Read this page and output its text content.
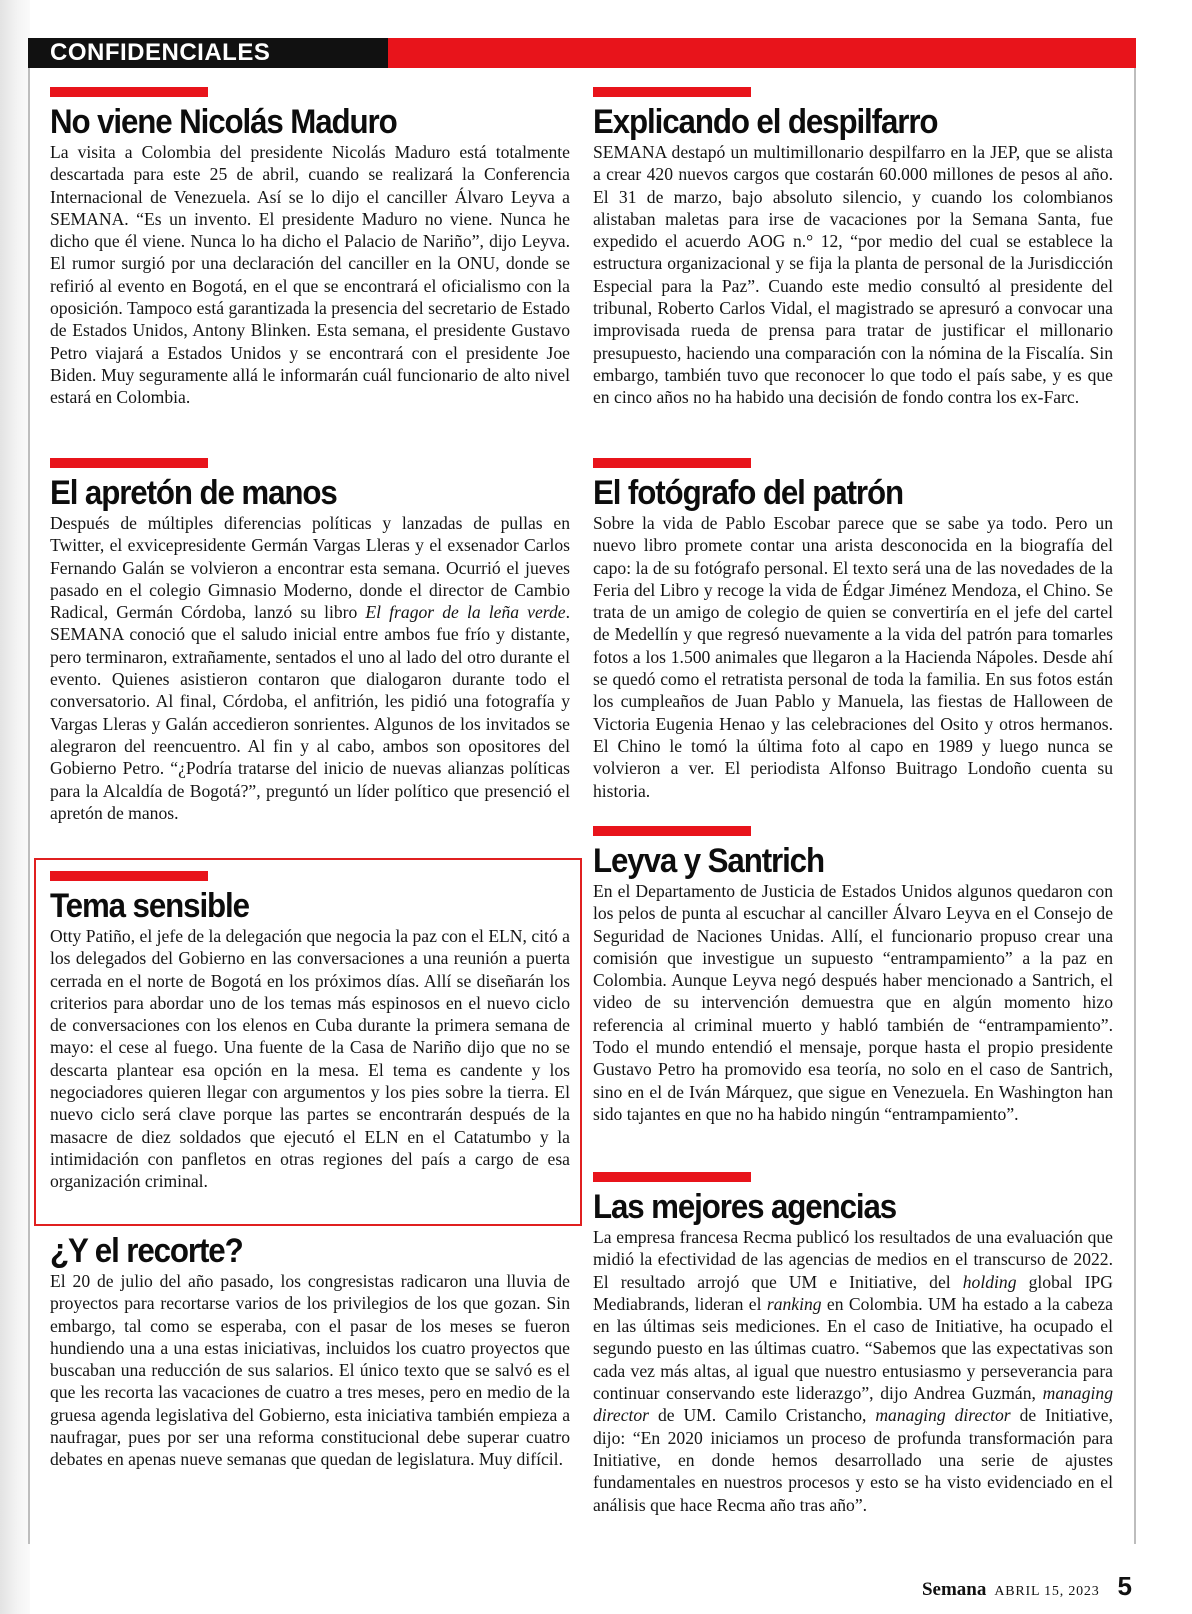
CONFIDENCIALES
No viene Nicolás Maduro

La visita a Colombia del presidente Nicolás Maduro está totalmente descartada para este 25 de abril, cuando se realizará la Conferencia Internacional de Venezuela. Así se lo dijo el canciller Álvaro Leyva a SEMANA. “Es un invento. El presidente Maduro no viene. Nunca he dicho que él viene. Nunca lo ha dicho el Palacio de Nariño”, dijo Leyva. El rumor surgió por una declaración del canciller en la ONU, donde se refirió al evento en Bogotá, en el que se encontrará el oficialismo con la oposición. Tampoco está garantizada la presencia del secretario de Estado de Estados Unidos, Antony Blinken. Esta semana, el presidente Gustavo Petro viajará a Estados Unidos y se encontrará con el presidente Joe Biden. Muy seguramente allá le informarán cuál funcionario de alto nivel estará en Colombia.

El apretón de manos

Después de múltiples diferencias políticas y lanzadas de pullas en Twitter, el exvicepresidente Germán Vargas Lleras y el exsenador Carlos Fernando Galán se volvieron a encontrar esta semana. Ocurrió el jueves pasado en el colegio Gimnasio Moderno, donde el director de Cambio Radical, Germán Córdoba, lanzó su libro El fragor de la leña verde. SEMANA conoció que el saludo inicial entre ambos fue frío y distante, pero terminaron, extrañamente, sentados el uno al lado del otro durante el evento. Quienes asistieron contaron que dialogaron durante todo el conversatorio. Al final, Córdoba, el anfitrión, les pidió una fotografía y Vargas Lleras y Galán accedieron sonrientes. Algunos de los invitados se alegraron del reencuentro. Al fin y al cabo, ambos son opositores del Gobierno Petro. “¿Podría tratarse del inicio de nuevas alianzas políticas para la Alcaldía de Bogotá?”, preguntó un líder político que presenció el apretón de manos.

Tema sensible

Otty Patiño, el jefe de la delegación que negocia la paz con el ELN, citó a los delegados del Gobierno en las conversaciones a una reunión a puerta cerrada en el norte de Bogotá en los próximos días. Allí se diseñarán los criterios para abordar uno de los temas más espinosos en el nuevo ciclo de conversaciones con los elenos en Cuba durante la primera semana de mayo: el cese al fuego. Una fuente de la Casa de Nariño dijo que no se descarta plantear esa opción en la mesa. El tema es candente y los negociadores quieren llegar con argumentos y los pies sobre la tierra. El nuevo ciclo será clave porque las partes se encontrarán después de la masacre de diez soldados que ejecutó el ELN en el Catatumbo y la intimidación con panfletos en otras regiones del país a cargo de esa organización criminal.

¿Y el recorte?

El 20 de julio del año pasado, los congresistas radicaron una lluvia de proyectos para recortarse varios de los privilegios de los que gozan. Sin embargo, tal como se esperaba, con el pasar de los meses se fueron hundiendo una a una estas iniciativas, incluidos los cuatro proyectos que buscaban una reducción de sus salarios. El único texto que se salvó es el que les recorta las vacaciones de cuatro a tres meses, pero en medio de la gruesa agenda legislativa del Gobierno, esta iniciativa también empieza a naufragar, pues por ser una reforma constitucional debe superar cuatro debates en apenas nueve semanas que quedan de legislatura. Muy difícil.

Explicando el despilfarro

SEMANA destapó un multimillonario despilfarro en la JEP, que se alista a crear 420 nuevos cargos que costarán 60.000 millones de pesos al año. El 31 de marzo, bajo absoluto silencio, y cuando los colombianos alistaban maletas para irse de vacaciones por la Semana Santa, fue expedido el acuerdo AOG n.° 12, “por medio del cual se establece la estructura organizacional y se fija la planta de personal de la Jurisdicción Especial para la Paz”. Cuando este medio consultó al presidente del tribunal, Roberto Carlos Vidal, el magistrado se apresuró a convocar una improvisada rueda de prensa para tratar de justificar el millonario presupuesto, haciendo una comparación con la nómina de la Fiscalía. Sin embargo, también tuvo que reconocer lo que todo el país sabe, y es que en cinco años no ha habido una decisión de fondo contra los ex-Farc.

El fotógrafo del patrón

Sobre la vida de Pablo Escobar parece que se sabe ya todo. Pero un nuevo libro promete contar una arista desconocida en la biografía del capo: la de su fotógrafo personal. El texto será una de las novedades de la Feria del Libro y recoge la vida de Édgar Jiménez Mendoza, el Chino. Se trata de un amigo de colegio de quien se convertiría en el jefe del cartel de Medellín y que regresó nuevamente a la vida del patrón para tomarles fotos a los 1.500 animales que llegaron a la Hacienda Nápoles. Desde ahí se quedó como el retratista personal de toda la familia. En sus fotos están los cumpleaños de Juan Pablo y Manuela, las fiestas de Halloween de Victoria Eugenia Henao y las celebraciones del Osito y otros hermanos. El Chino le tomó la última foto al capo en 1989 y luego nunca se volvieron a ver. El periodista Alfonso Buitrago Londoño cuenta su historia.

Leyva y Santrich

En el Departamento de Justicia de Estados Unidos algunos quedaron con los pelos de punta al escuchar al canciller Álvaro Leyva en el Consejo de Seguridad de Naciones Unidas. Allí, el funcionario propuso crear una comisión que investigue un supuesto “entrampamiento” a la paz en Colombia. Aunque Leyva negó después haber mencionado a Santrich, el video de su intervención demuestra que en algún momento hizo referencia al criminal muerto y habló también de “entrampamiento”. Todo el mundo entendió el mensaje, porque hasta el propio presidente Gustavo Petro ha promovido esa teoría, no solo en el caso de Santrich, sino en el de Iván Márquez, que sigue en Venezuela. En Washington han sido tajantes en que no ha habido ningún “entrampamiento”.

Las mejores agencias

La empresa francesa Recma publicó los resultados de una evaluación que midió la efectividad de las agencias de medios en el transcurso de 2022. El resultado arrojó que UM e Initiative, del holding global IPG Mediabrands, lideran el ranking en Colombia. UM ha estado a la cabeza en las últimas seis mediciones. En el caso de Initiative, ha ocupado el segundo puesto en las últimas cuatro. “Sabemos que las expectativas son cada vez más altas, al igual que nuestro entusiasmo y perseverancia para continuar conservando este liderazgo”, dijo Andrea Guzmán, managing director de UM. Camilo Cristancho, managing director de Initiative, dijo: “En 2020 iniciamos un proceso de profunda transformación para Initiative, en donde hemos desarrollado una serie de ajustes fundamentales en nuestros procesos y esto se ha visto evidenciado en el análisis que hace Recma año tras año”.

Semana ABRIL 15, 2023 5
